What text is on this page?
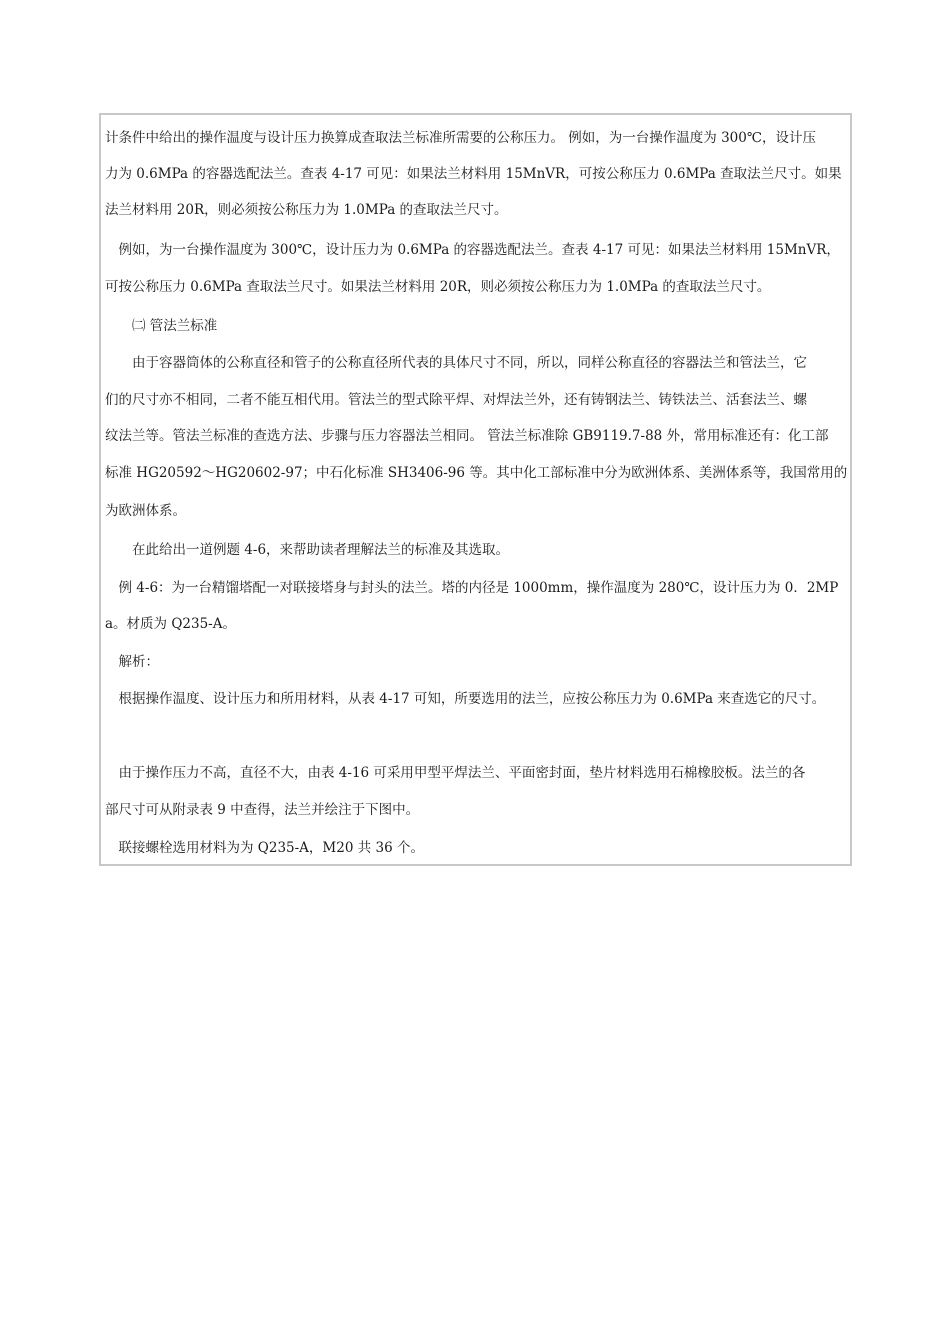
计条件中给出的操作温度与设计压力换算成查取法兰标准所需要的公称压力。 例如，为一台操作温度为 300℃，设计压
力为 0.6MPa 的容器选配法兰。查表 4-17 可见：如果法兰材料用 15MnVR，可按公称压力 0.6MPa 查取法兰尺寸。如果
法兰材料用 20R，则必须按公称压力为 1.0MPa 的查取法兰尺寸。
　例如，为一台操作温度为 300℃，设计压力为 0.6MPa 的容器选配法兰。查表 4-17 可见：如果法兰材料用 15MnVR，
可按公称压力 0.6MPa 查取法兰尺寸。如果法兰材料用 20R，则必须按公称压力为 1.0MPa 的查取法兰尺寸。
　　㈡ 管法兰标准
　　由于容器筒体的公称直径和管子的公称直径所代表的具体尺寸不同，所以，同样公称直径的容器法兰和管法兰，它
们的尺寸亦不相同，二者不能互相代用。管法兰的型式除平焊、对焊法兰外，还有铸钢法兰、铸铁法兰、活套法兰、螺
纹法兰等。管法兰标准的查选方法、步骤与压力容器法兰相同。 管法兰标准除 GB9119.7-88 外，常用标准还有：化工部
标准 HG20592～HG20602-97；中石化标准 SH3406-96 等。其中化工部标准中分为欧洲体系、美洲体系等，我国常用的
为欧洲体系。
　　在此给出一道例题 4-6，来帮助读者理解法兰的标准及其选取。
　例 4-6：为一台精馏塔配一对联接塔身与封头的法兰。塔的内径是 1000mm，操作温度为 280℃，设计压力为 0．2MP
a。材质为 Q235-A。
　解析：
　根据操作温度、设计压力和所用材料，从表 4-17 可知，所要选用的法兰，应按公称压力为 0.6MPa 来查选它的尺寸。
　由于操作压力不高，直径不大，由表 4-16 可采用甲型平焊法兰、平面密封面，垫片材料选用石棉橡胶板。法兰的各
部尺寸可从附录表 9 中查得，法兰并绘注于下图中。
　联接螺栓选用材料为为 Q235-A，M20 共 36 个。
